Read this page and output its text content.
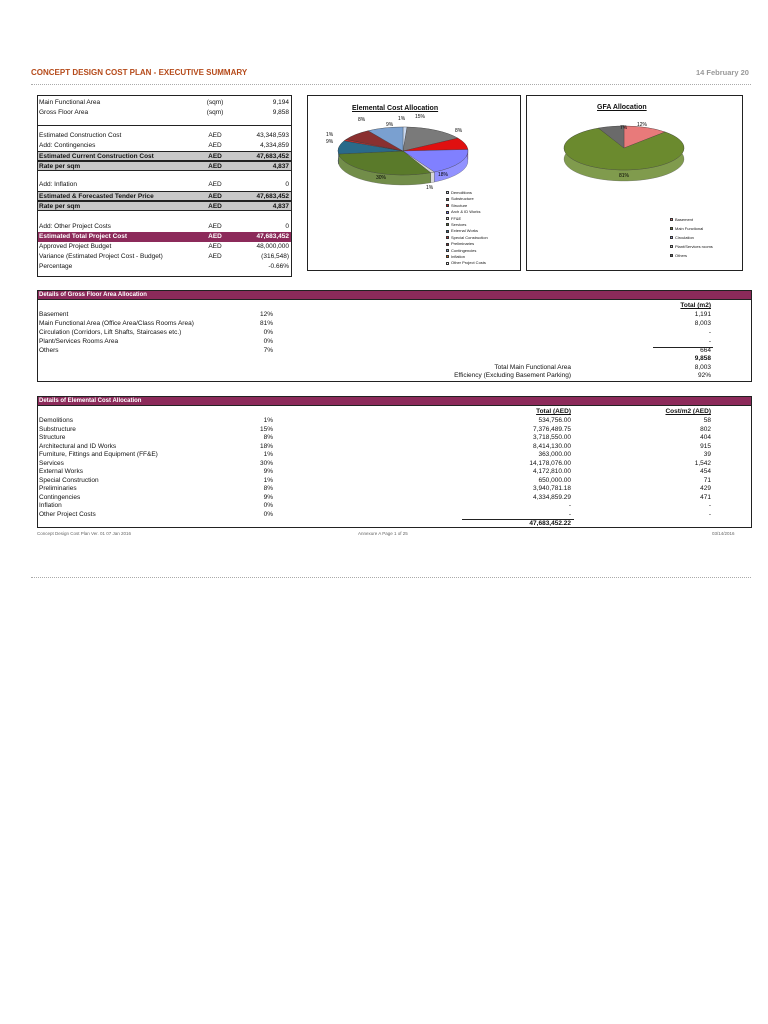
CONCEPT DESIGN COST PLAN - EXECUTIVE SUMMARY	14 February 20
Main Functional Area	(sqm)	9,194
Gross Floor Area	(sqm)	9,858
Estimated Construction Cost	AED	43,348,593
Add: Contingencies	AED	4,334,859
Estimated Current Construction Cost	AED	47,683,452
Rate per sqm	AED	4,837
Add: Inflation	AED	0
Estimated & Forecasted Tender Price	AED	47,683,452
Rate per sqm	AED	4,837
Add: Other Project Costs	AED	0
Estimated Total Project Cost	AED	47,683,452
Approved Project Budget	AED	48,000,000
Variance (Estimated Project Cost - Budget)	AED	(316,548)
Percentage	-0.66%
Elemental Cost Allocation
1% 15%
8%
18%
1%
30%
9%
1%
8%
9%
Demolitions
Substructure
Structure
Arch & ID Works
FF&E
Services
External Works
Special Construction
Preliminaries
Contingencies
Inflation
Other Project Costs
GFA Allocation
12%
81%
7%
Basement
Main Functional
Circulation
Plant/Services rooms
Others
Details of Gross Floor Area Allocation
Total (m2)
Basement	12%	1,191
Main Functional Area (Office Area/Class Rooms Area)	81%	8,003
Circulation (Corridors, Lift Shafts, Staircases etc.)	0%	-
Plant/Services Rooms Area	0%	-
Others	7%	664
9,858
Total Main Functional Area	8,003
Efficiency (Excluding Basement Parking)	92%
Details of Elemental Cost Allocation
Total (AED)	Cost/m2 (AED)
Demolitions	1%	534,756.00	58
Substructure	15%	7,376,489.75	802
Structure	8%	3,718,550.00	404
Architectural and ID Works	18%	8,414,130.00	915
Furniture, Fittings and Equipment (FF&E)	1%	363,000.00	39
Services	30%	14,178,076.00	1,542
External Works	9%	4,172,810.00	454
Special Construction	1%	650,000.00	71
Preliminaries	8%	3,940,781.18	429
Contingencies	9%	4,334,859.29	471
Inflation	0%	-	-
Other Project Costs	0%	-	-
47,683,452.22
Concept Design Cost Plan Ver. 01 07 Jan 2016	Annexure A Page 1 of 25	03/14/2016
